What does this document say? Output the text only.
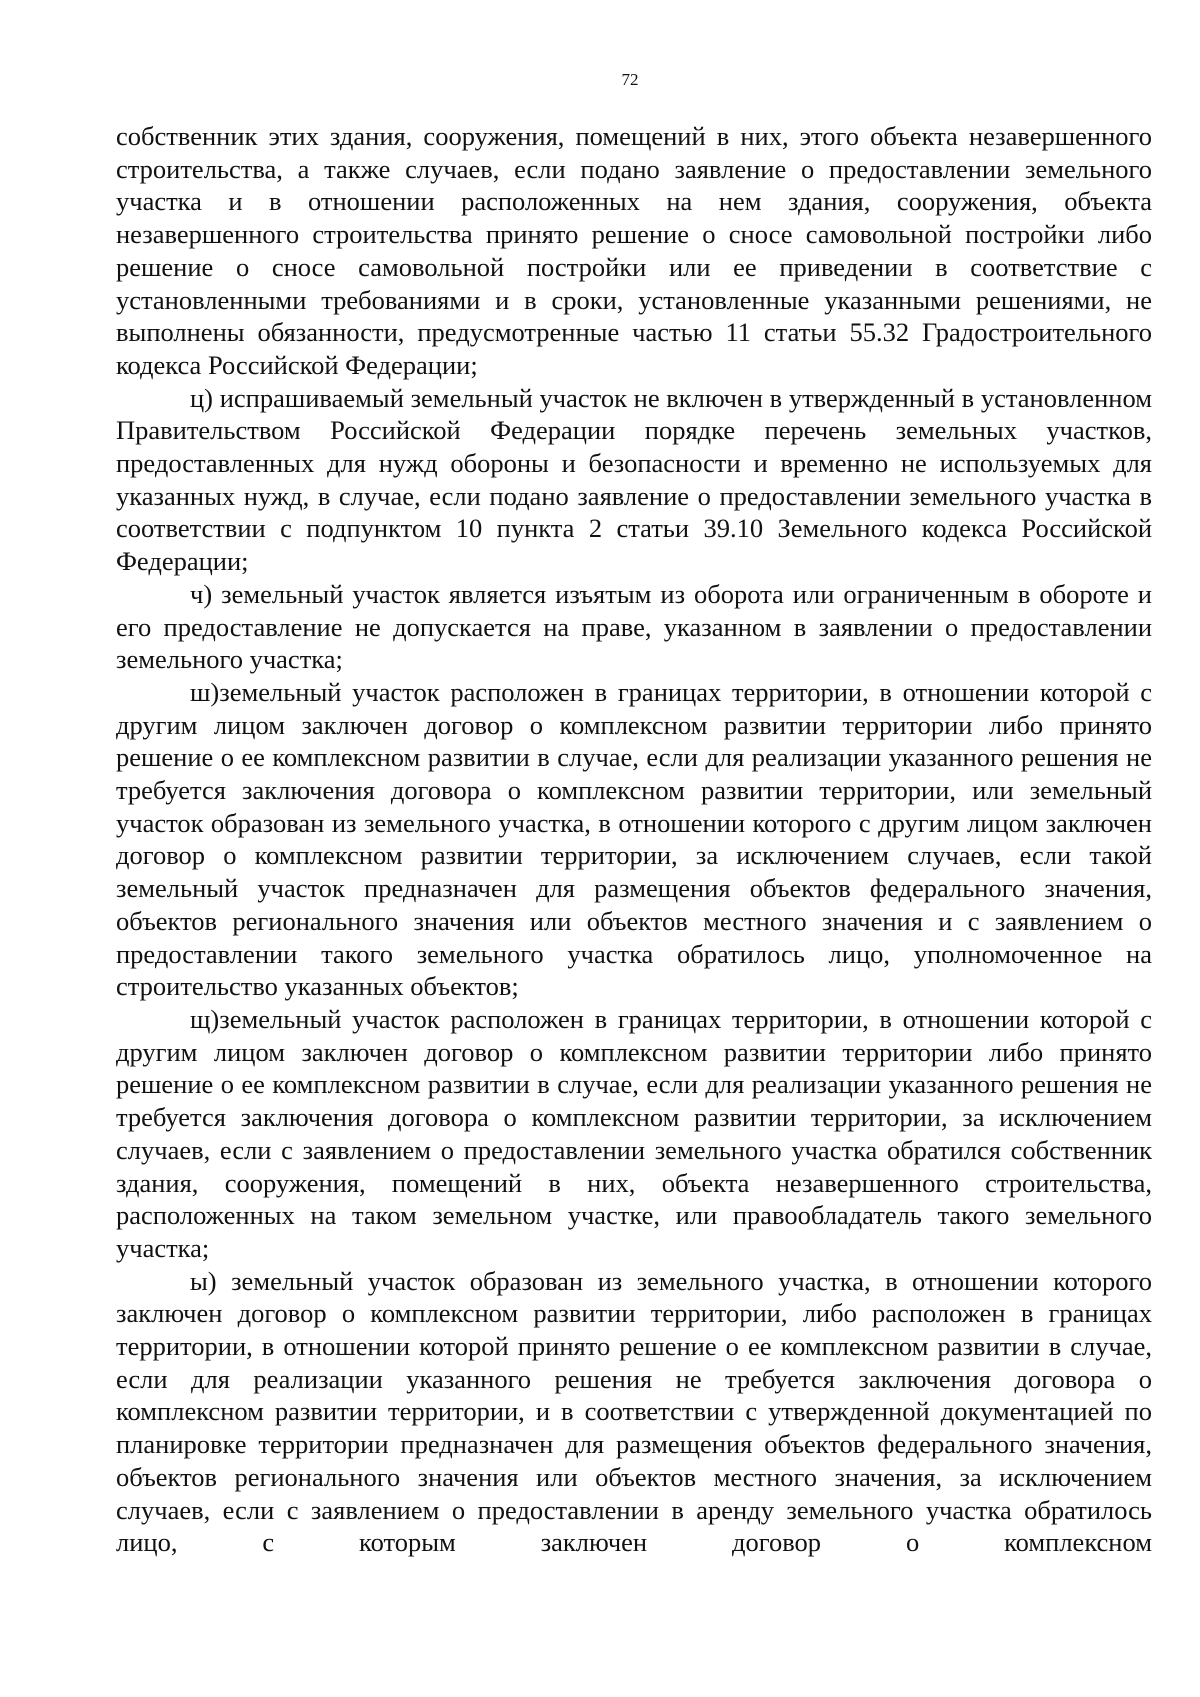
72

собственник этих здания, сооружения, помещений в них, этого объекта незавершенного строительства, а также случаев, если подано заявление о предоставлении земельного участка и в отношении расположенных на нем здания, сооружения, объекта незавершенного строительства принято решение о сносе самовольной постройки либо решение о сносе самовольной постройки или ее приведении в соответствие с установленными требованиями и в сроки, установленные указанными решениями, не выполнены обязанности, предусмотренные частью 11 статьи 55.32 Градостроительного кодекса Российской Федерации;

ц) испрашиваемый земельный участок не включен в утвержденный в установленном Правительством Российской Федерации порядке перечень земельных участков, предоставленных для нужд обороны и безопасности и временно не используемых для указанных нужд, в случае, если подано заявление о предоставлении земельного участка в соответствии с подпунктом 10 пункта 2 статьи 39.10 Земельного кодекса Российской Федерации;

ч) земельный участок является изъятым из оборота или ограниченным в обороте и его предоставление не допускается на праве, указанном в заявлении о предоставлении земельного участка;

ш)земельный участок расположен в границах территории, в отношении которой с другим лицом заключен договор о комплексном развитии территории либо принято решение о ее комплексном развитии в случае, если для реализации указанного решения не требуется заключения договора о комплексном развитии территории, или земельный участок образован из земельного участка, в отношении которого с другим лицом заключен договор о комплексном развитии территории, за исключением случаев, если такой земельный участок предназначен для размещения объектов федерального значения, объектов регионального значения или объектов местного значения и с заявлением о предоставлении такого земельного участка обратилось лицо, уполномоченное на строительство указанных объектов;

щ)земельный участок расположен в границах территории, в отношении которой с другим лицом заключен договор о комплексном развитии территории либо принято решение о ее комплексном развитии в случае, если для реализации указанного решения не требуется заключения договора о комплексном развитии территории, за исключением случаев, если с заявлением о предоставлении земельного участка обратился собственник здания, сооружения, помещений в них, объекта незавершенного строительства, расположенных на таком земельном участке, или правообладатель такого земельного участка;

ы) земельный участок образован из земельного участка, в отношении которого заключен договор о комплексном развитии территории, либо расположен в границах территории, в отношении которой принято решение о ее комплексном развитии в случае, если для реализации указанного решения не требуется заключения договора о комплексном развитии территории, и в соответствии с утвержденной документацией по планировке территории предназначен для размещения объектов федерального значения, объектов регионального значения или объектов местного значения, за исключением случаев, если с заявлением о предоставлении в аренду земельного участка обратилось лицо, с которым заключен договор о комплексном
